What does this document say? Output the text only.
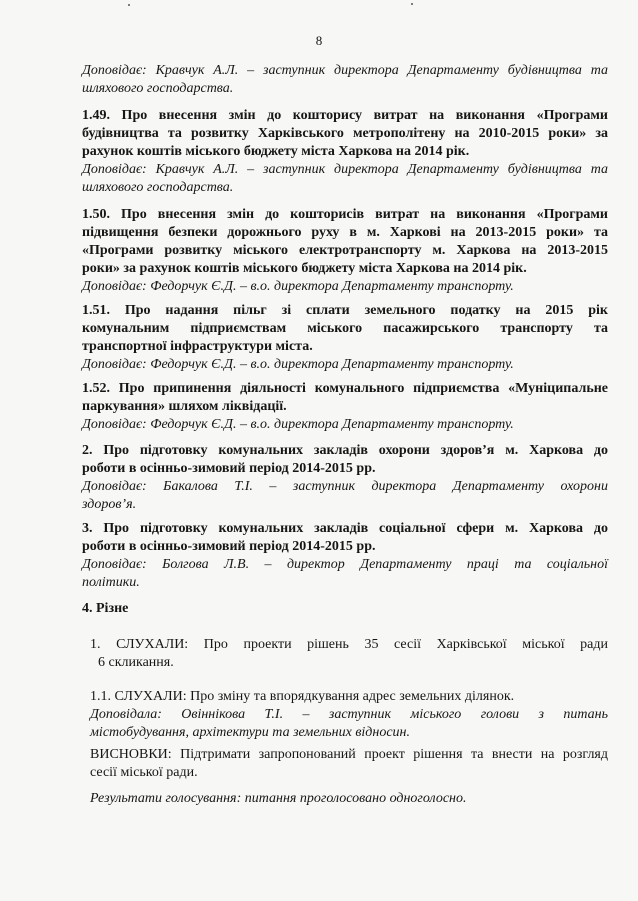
8
Доповідає: Кравчук А.Л. – заступник директора Департаменту будівництва та
шляхового господарства.
1.49. Про внесення змін до кошторису витрат на виконання «Програми
будівництва та розвитку Харківського метрополітену на 2010-2015 роки» за
рахунок коштів міського бюджету міста Харкова на 2014 рік.
Доповідає: Кравчук А.Л. – заступник директора Департаменту будівництва та
шляхового господарства.
1.50. Про внесення змін до кошторисів витрат на виконання «Програми
підвищення безпеки дорожнього руху в м. Харкові на 2013-2015 роки» та
«Програми розвитку міського електротранспорту м. Харкова на 2013-2015
роки» за рахунок коштів міського бюджету міста Харкова на 2014 рік.
Доповідає: Федорчук Є.Д. – в.о. директора Департаменту транспорту.
1.51. Про надання пільг зі сплати земельного податку на 2015 рік
комунальним підприємствам міського пасажирського транспорту та
транспортної інфраструктури міста.
Доповідає: Федорчук Є.Д. – в.о. директора Департаменту транспорту.
1.52. Про припинення діяльності комунального підприємства «Муніципальне
паркування» шляхом ліквідації.
Доповідає: Федорчук Є.Д. – в.о. директора Департаменту транспорту.
2. Про підготовку комунальних закладів охорони здоров’я м. Харкова до
роботи в осінньо-зимовий період 2014-2015 рр.
Доповідає: Бакалова Т.І. – заступник директора Департаменту охорони
здоров’я.
3. Про підготовку комунальних закладів соціальної сфери м. Харкова до
роботи в осінньо-зимовий період 2014-2015 рр.
Доповідає: Болгова Л.В. – директор Департаменту праці та соціальної
політики.
4. Різне
1. СЛУХАЛИ: Про проекти рішень 35 сесії Харківської міської ради
6 скликання.
1.1. СЛУХАЛИ: Про зміну та впорядкування адрес земельних ділянок.
Доповідала: Овіннікова Т.І. – заступник міського голови з питань
містобудування, архітектури та земельних відносин.
ВИСНОВКИ: Підтримати запропонований проект рішення та внести на розгляд
сесії міської ради.
Результати голосування: питання проголосовано одноголосно.
